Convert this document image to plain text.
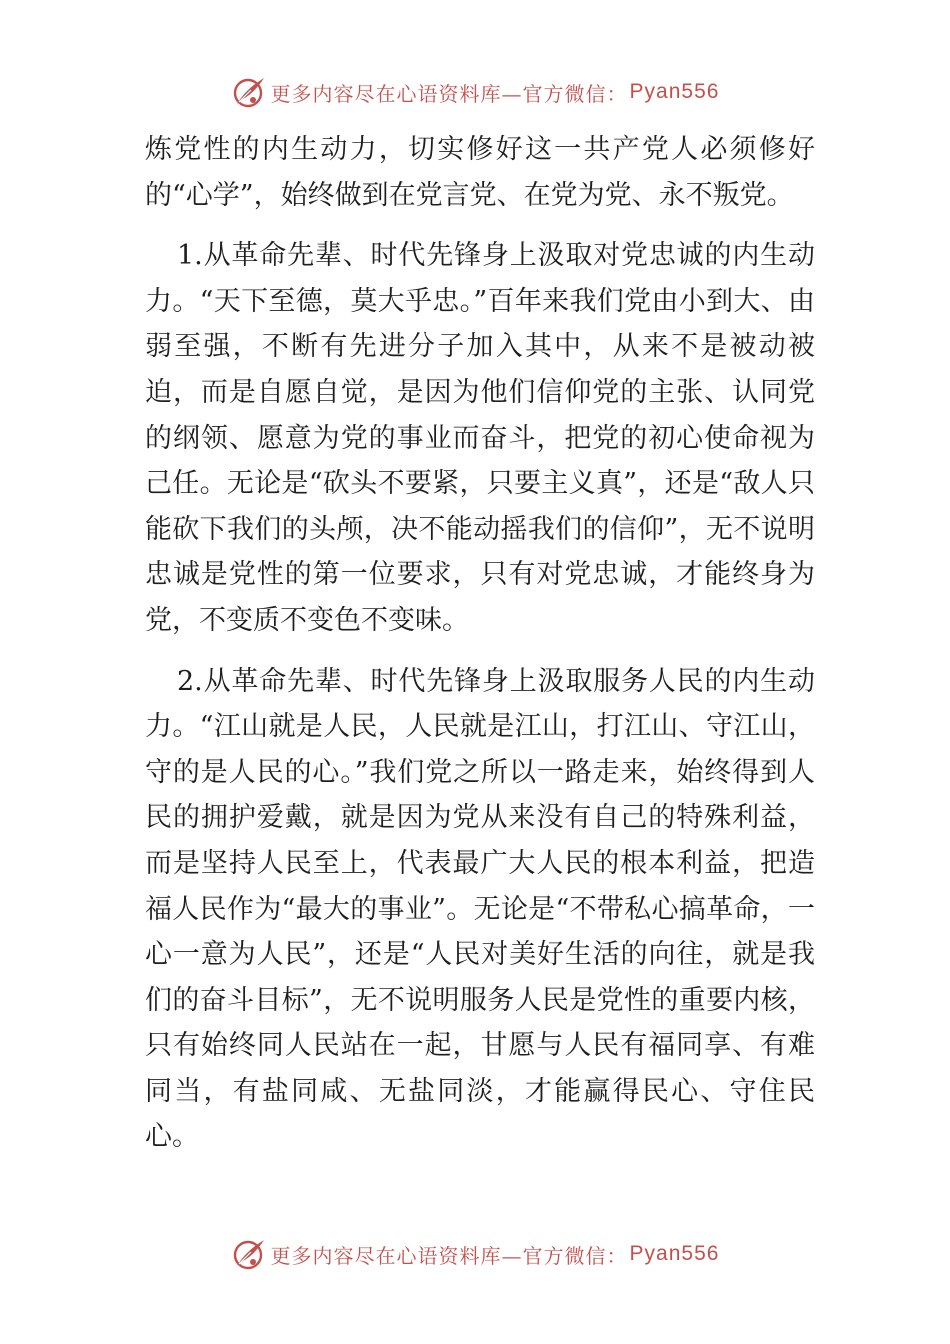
更多内容尽在心语资料库—官方微信： Pyan556

炼党性的内生动力，切实修好这一共产党人必须修好的“心学”，始终做到在党言党、在党为党、永不叛党。

1.从革命先辈、时代先锋身上汲取对党忠诚的内生动力。“天下至德，莫大乎忠。”百年来我们党由小到大、由弱至强，不断有先进分子加入其中，从来不是被动被迫，而是自愿自觉，是因为他们信仰党的主张、认同党的纲领、愿意为党的事业而奋斗，把党的初心使命视为己任。无论是“砍头不要紧，只要主义真”，还是“敌人只能砍下我们的头颅，决不能动摇我们的信仰”，无不说明忠诚是党性的第一位要求，只有对党忠诚，才能终身为党，不变质不变色不变味。

2.从革命先辈、时代先锋身上汲取服务人民的内生动力。“江山就是人民，人民就是江山，打江山、守江山，守的是人民的心。”我们党之所以一路走来，始终得到人民的拥护爱戴，就是因为党从来没有自己的特殊利益，而是坚持人民至上，代表最广大人民的根本利益，把造福人民作为“最大的事业”。无论是“不带私心搞革命，一心一意为人民”，还是“人民对美好生活的向往，就是我们的奋斗目标”，无不说明服务人民是党性的重要内核，只有始终同人民站在一起，甘愿与人民有福同享、有难同当，有盐同咸、无盐同淡，才能赢得民心、守住民心。

更多内容尽在心语资料库—官方微信： Pyan556
